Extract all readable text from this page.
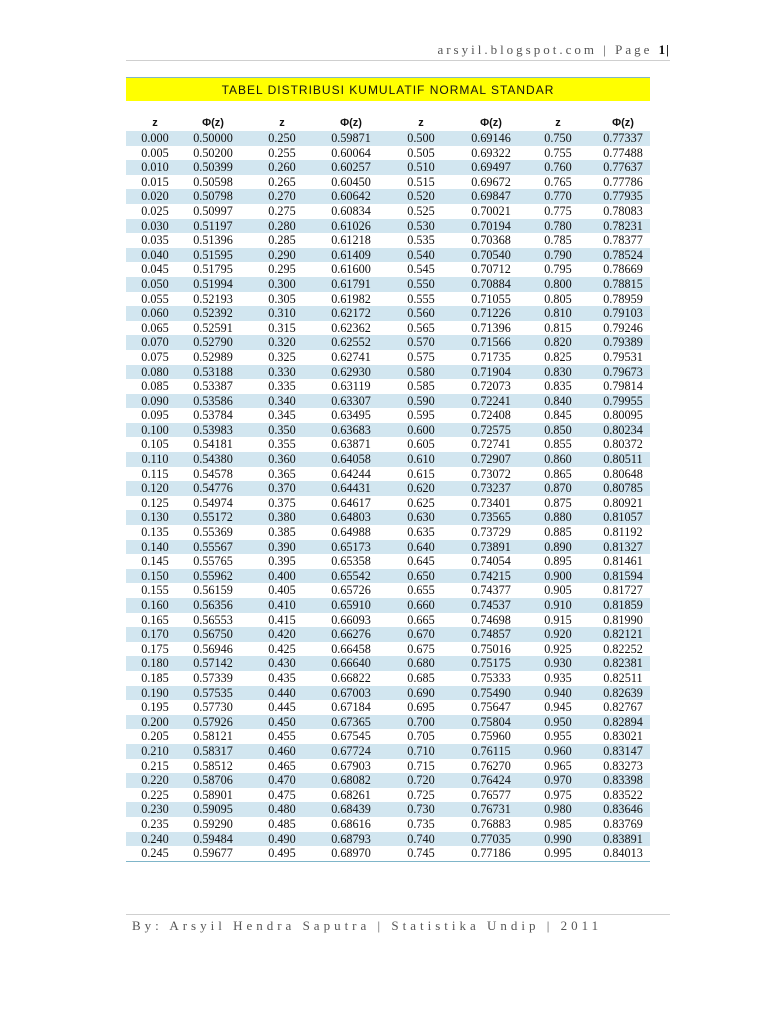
arsyil.blogspot.com | Page 1|
TABEL DISTRIBUSI KUMULATIF NORMAL STANDAR
z	Φ(z)	z	Φ(z)	z	Φ(z)	z	Φ(z)
0.000	0.50000	0.250	0.59871	0.500	0.69146	0.750	0.77337
0.005	0.50200	0.255	0.60064	0.505	0.69322	0.755	0.77488
0.010	0.50399	0.260	0.60257	0.510	0.69497	0.760	0.77637
0.015	0.50598	0.265	0.60450	0.515	0.69672	0.765	0.77786
0.020	0.50798	0.270	0.60642	0.520	0.69847	0.770	0.77935
0.025	0.50997	0.275	0.60834	0.525	0.70021	0.775	0.78083
0.030	0.51197	0.280	0.61026	0.530	0.70194	0.780	0.78231
0.035	0.51396	0.285	0.61218	0.535	0.70368	0.785	0.78377
0.040	0.51595	0.290	0.61409	0.540	0.70540	0.790	0.78524
0.045	0.51795	0.295	0.61600	0.545	0.70712	0.795	0.78669
0.050	0.51994	0.300	0.61791	0.550	0.70884	0.800	0.78815
0.055	0.52193	0.305	0.61982	0.555	0.71055	0.805	0.78959
0.060	0.52392	0.310	0.62172	0.560	0.71226	0.810	0.79103
0.065	0.52591	0.315	0.62362	0.565	0.71396	0.815	0.79246
0.070	0.52790	0.320	0.62552	0.570	0.71566	0.820	0.79389
0.075	0.52989	0.325	0.62741	0.575	0.71735	0.825	0.79531
0.080	0.53188	0.330	0.62930	0.580	0.71904	0.830	0.79673
0.085	0.53387	0.335	0.63119	0.585	0.72073	0.835	0.79814
0.090	0.53586	0.340	0.63307	0.590	0.72241	0.840	0.79955
0.095	0.53784	0.345	0.63495	0.595	0.72408	0.845	0.80095
0.100	0.53983	0.350	0.63683	0.600	0.72575	0.850	0.80234
0.105	0.54181	0.355	0.63871	0.605	0.72741	0.855	0.80372
0.110	0.54380	0.360	0.64058	0.610	0.72907	0.860	0.80511
0.115	0.54578	0.365	0.64244	0.615	0.73072	0.865	0.80648
0.120	0.54776	0.370	0.64431	0.620	0.73237	0.870	0.80785
0.125	0.54974	0.375	0.64617	0.625	0.73401	0.875	0.80921
0.130	0.55172	0.380	0.64803	0.630	0.73565	0.880	0.81057
0.135	0.55369	0.385	0.64988	0.635	0.73729	0.885	0.81192
0.140	0.55567	0.390	0.65173	0.640	0.73891	0.890	0.81327
0.145	0.55765	0.395	0.65358	0.645	0.74054	0.895	0.81461
0.150	0.55962	0.400	0.65542	0.650	0.74215	0.900	0.81594
0.155	0.56159	0.405	0.65726	0.655	0.74377	0.905	0.81727
0.160	0.56356	0.410	0.65910	0.660	0.74537	0.910	0.81859
0.165	0.56553	0.415	0.66093	0.665	0.74698	0.915	0.81990
0.170	0.56750	0.420	0.66276	0.670	0.74857	0.920	0.82121
0.175	0.56946	0.425	0.66458	0.675	0.75016	0.925	0.82252
0.180	0.57142	0.430	0.66640	0.680	0.75175	0.930	0.82381
0.185	0.57339	0.435	0.66822	0.685	0.75333	0.935	0.82511
0.190	0.57535	0.440	0.67003	0.690	0.75490	0.940	0.82639
0.195	0.57730	0.445	0.67184	0.695	0.75647	0.945	0.82767
0.200	0.57926	0.450	0.67365	0.700	0.75804	0.950	0.82894
0.205	0.58121	0.455	0.67545	0.705	0.75960	0.955	0.83021
0.210	0.58317	0.460	0.67724	0.710	0.76115	0.960	0.83147
0.215	0.58512	0.465	0.67903	0.715	0.76270	0.965	0.83273
0.220	0.58706	0.470	0.68082	0.720	0.76424	0.970	0.83398
0.225	0.58901	0.475	0.68261	0.725	0.76577	0.975	0.83522
0.230	0.59095	0.480	0.68439	0.730	0.76731	0.980	0.83646
0.235	0.59290	0.485	0.68616	0.735	0.76883	0.985	0.83769
0.240	0.59484	0.490	0.68793	0.740	0.77035	0.990	0.83891
0.245	0.59677	0.495	0.68970	0.745	0.77186	0.995	0.84013
By: Arsyil Hendra Saputra | Statistika Undip | 2011
